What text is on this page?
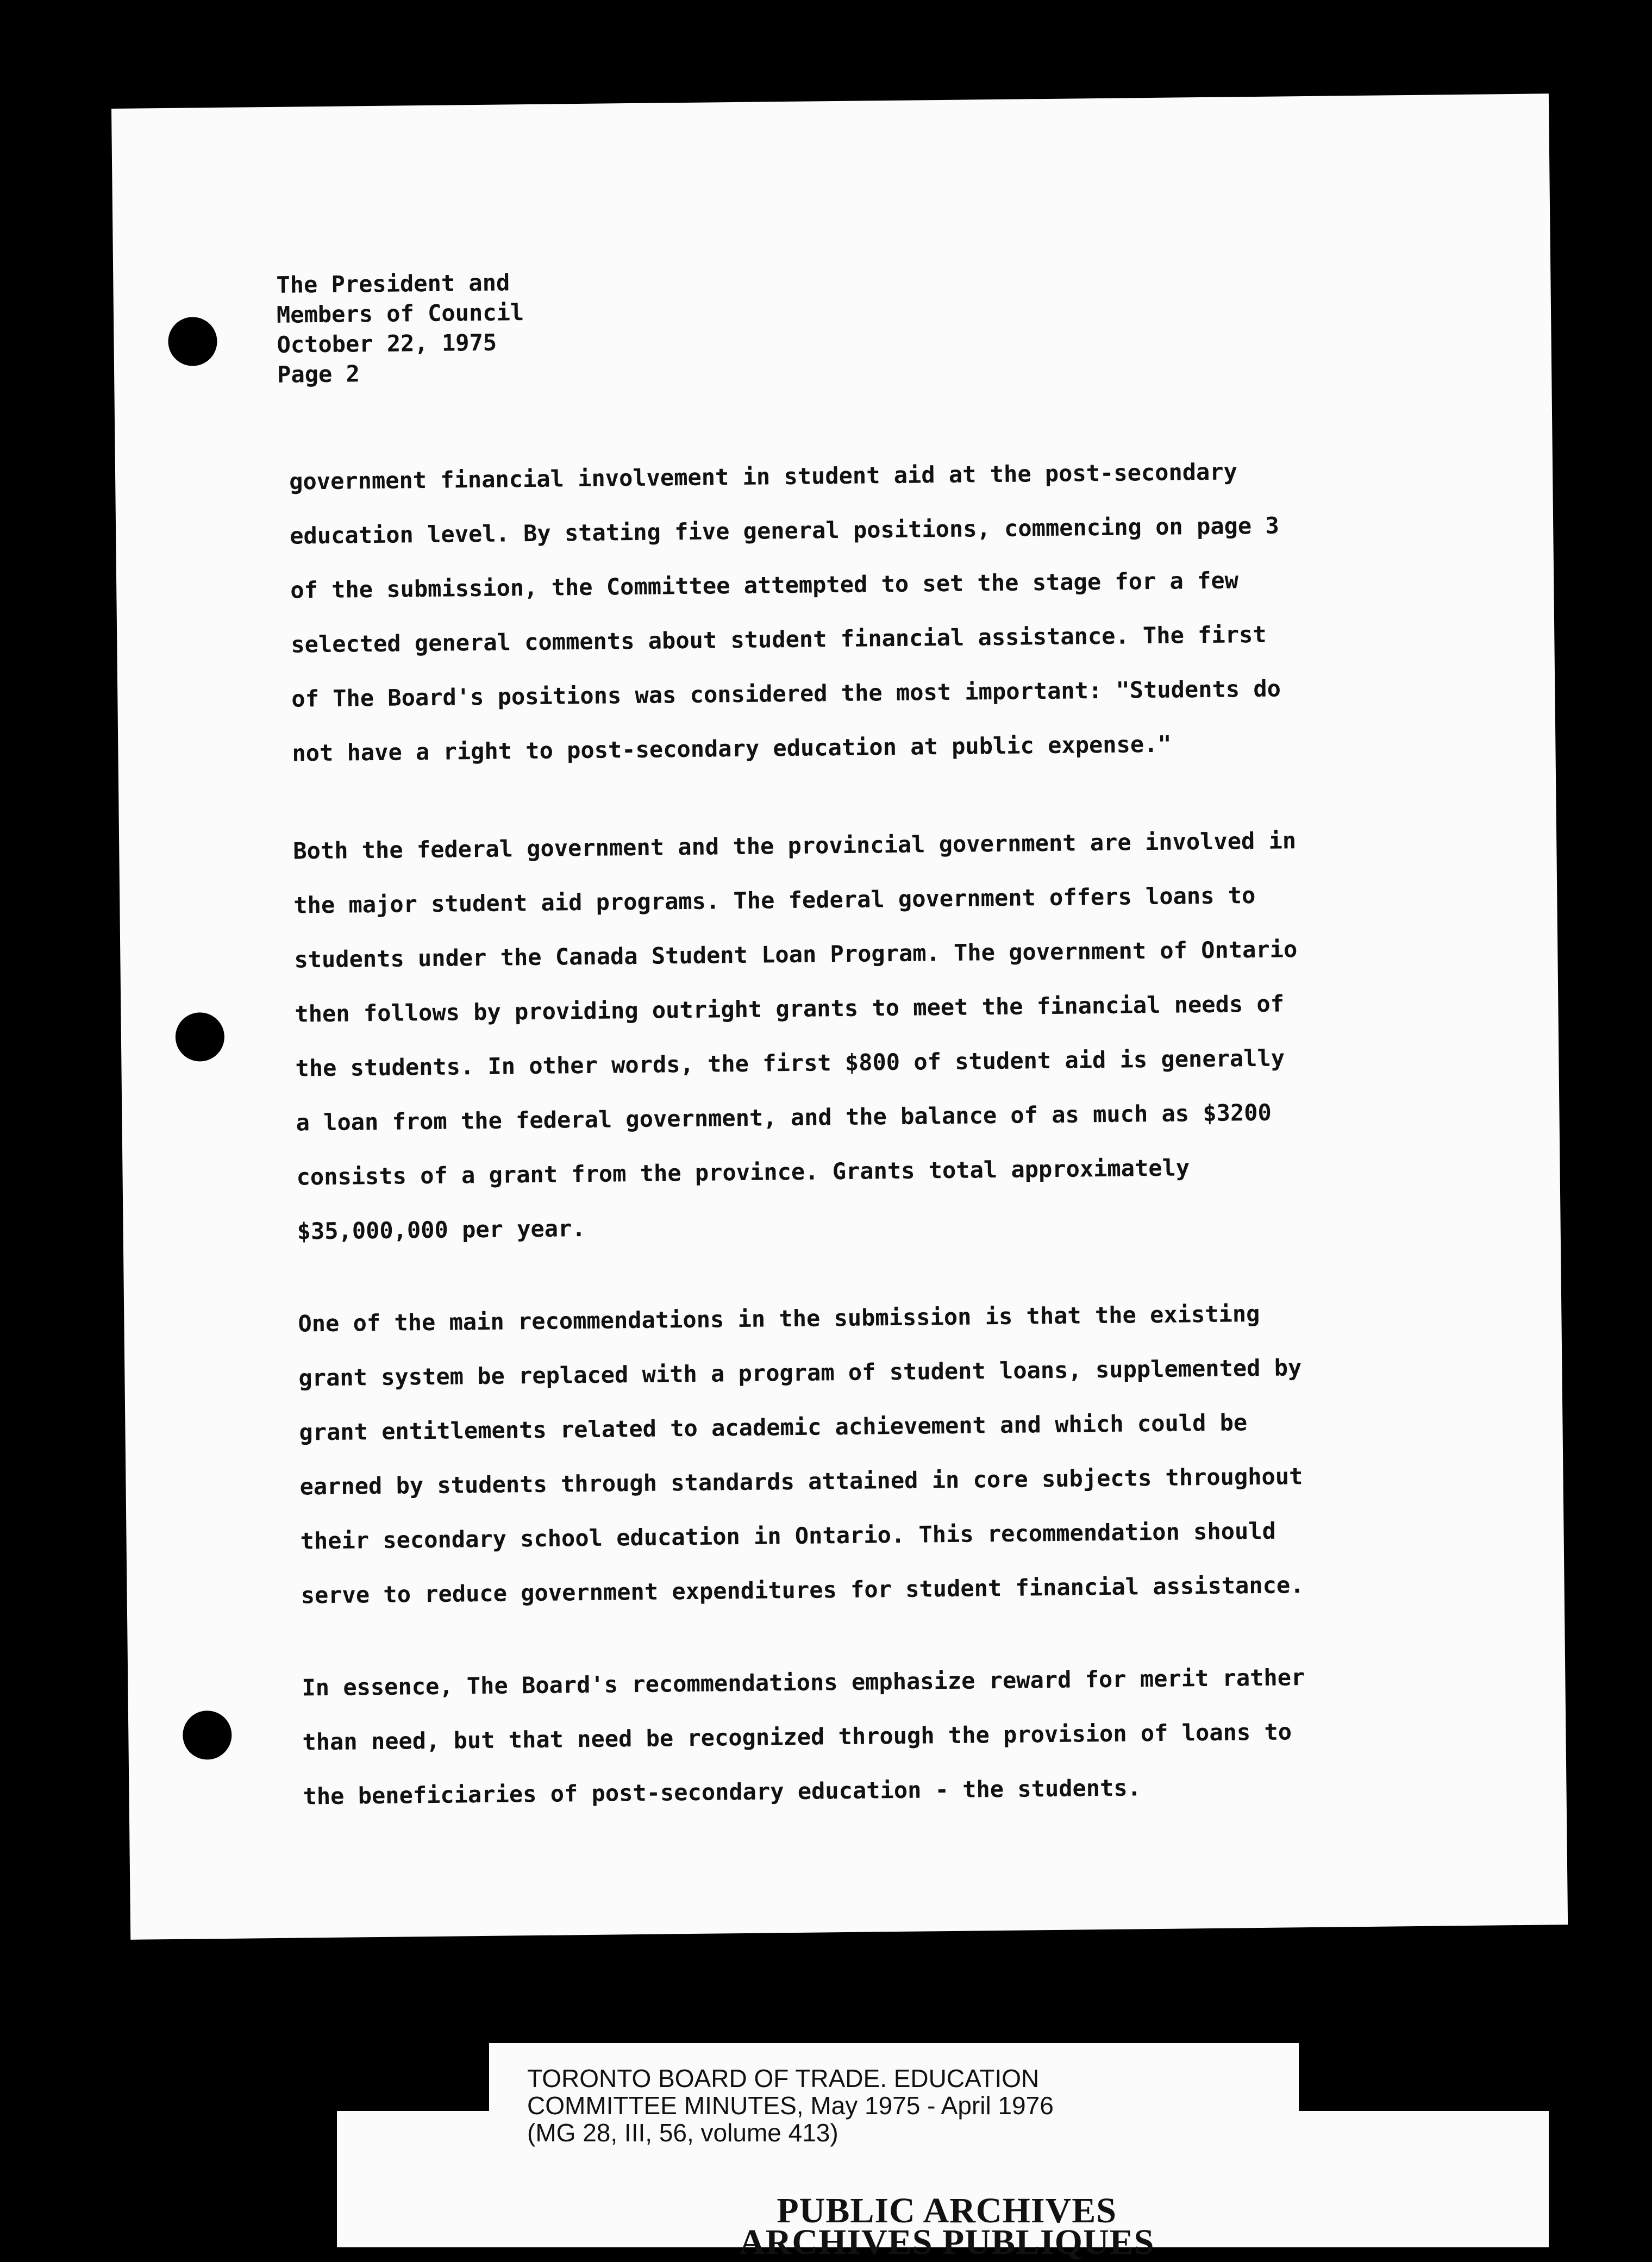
The President and
Members of Council
October 22, 1975
Page 2
government financial involvement in student aid at the post-secondary
education level. By stating five general positions, commencing on page 3
of the submission, the Committee attempted to set the stage for a few
selected general comments about student financial assistance. The first
of The Board's positions was considered the most important: "Students do
not have a right to post-secondary education at public expense."
Both the federal government and the provincial government are involved in
the major student aid programs. The federal government offers loans to
students under the Canada Student Loan Program. The government of Ontario
then follows by providing outright grants to meet the financial needs of
the students. In other words, the first $800 of student aid is generally
a loan from the federal government, and the balance of as much as $3200
consists of a grant from the province. Grants total approximately
$35,000,000 per year.
One of the main recommendations in the submission is that the existing
grant system be replaced with a program of student loans, supplemented by
grant entitlements related to academic achievement and which could be
earned by students through standards attained in core subjects throughout
their secondary school education in Ontario. This recommendation should
serve to reduce government expenditures for student financial assistance.
In essence, The Board's recommendations emphasize reward for merit rather
than need, but that need be recognized through the provision of loans to
the beneficiaries of post-secondary education - the students.
TORONTO BOARD OF TRADE. EDUCATION
COMMITTEE MINUTES, May 1975 - April 1976
(MG 28, III, 56, volume 413)
PUBLIC ARCHIVES
ARCHIVES PUBLIQUES
